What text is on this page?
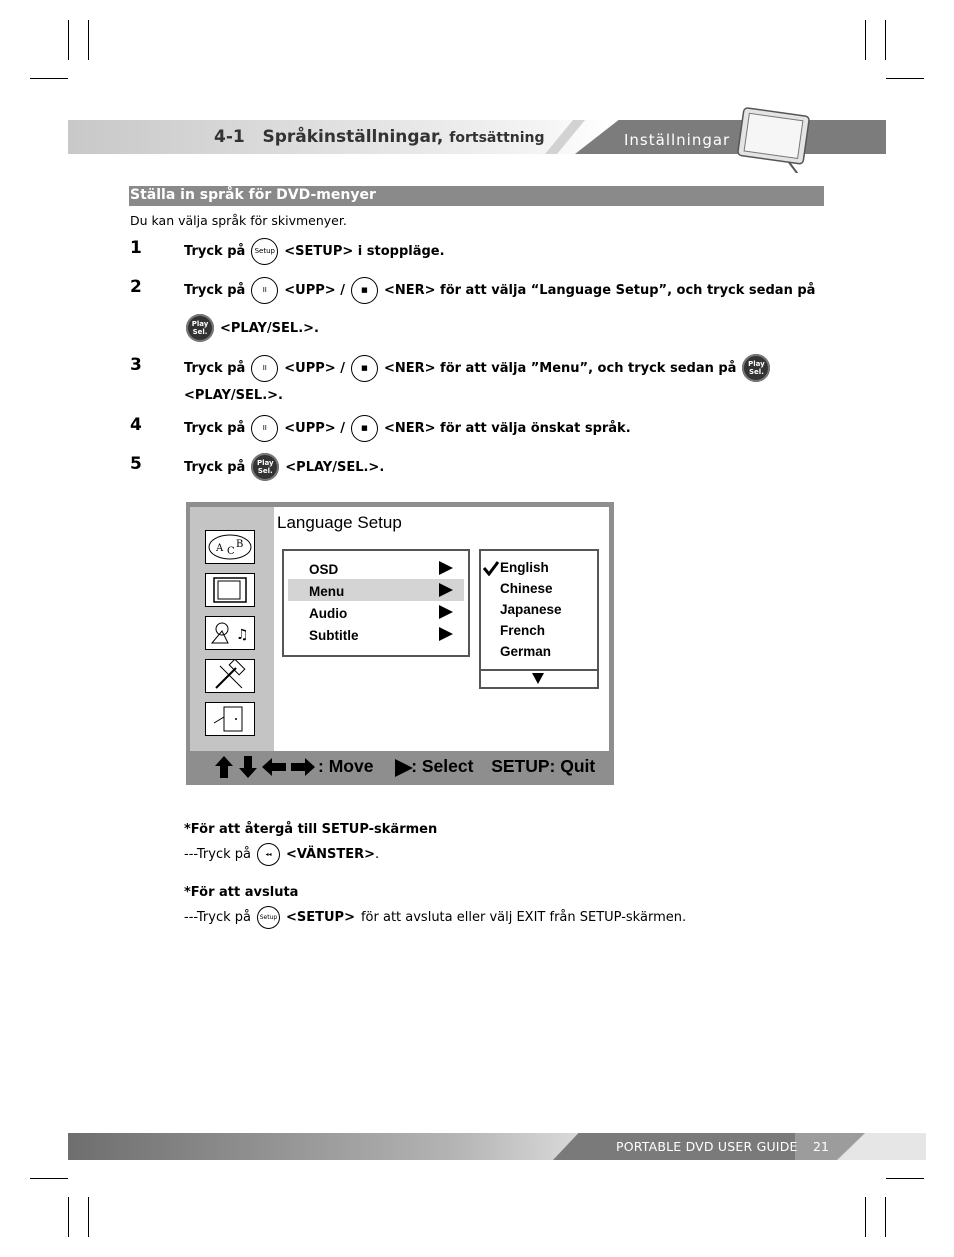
4-1 Språkinställningar, fortsättning	Inställningar
Ställa in språk för DVD-menyer
Du kan välja språk för skivmenyer.
1	Tryck på	Setup <SETUP> i stoppläge.
2	Tryck på	II	<UPP> /	■	<NER> för att välja “Language Setup”, och tryck sedan på
Play
Sel. <PLAY/SEL.>.
3	Tryck på	II	<UPP> /	■	<NER> för att välja ”Menu”, och tryck sedan på	Play
Sel.
<PLAY/SEL.>.
4	Tryck på	II	<UPP> /	■	<NER> för att välja önskat språk.
5	Tryck på	Play
Sel. <PLAY/SEL.>.
A C
B
♫
Language Setup
OSD
Menu
Audio
Subtitle
English
Chinese
Japanese
French
German
: Move : Select SETUP: Quit
*För att återgå till SETUP-skärmen
---Tryck på	◂◂	<VÄNSTER> .
*För att avsluta
---Tryck på	Setup <SETUP> för att avsluta eller välj EXIT från SETUP-skärmen.
PORTABLE DVD USER GUIDE 21
